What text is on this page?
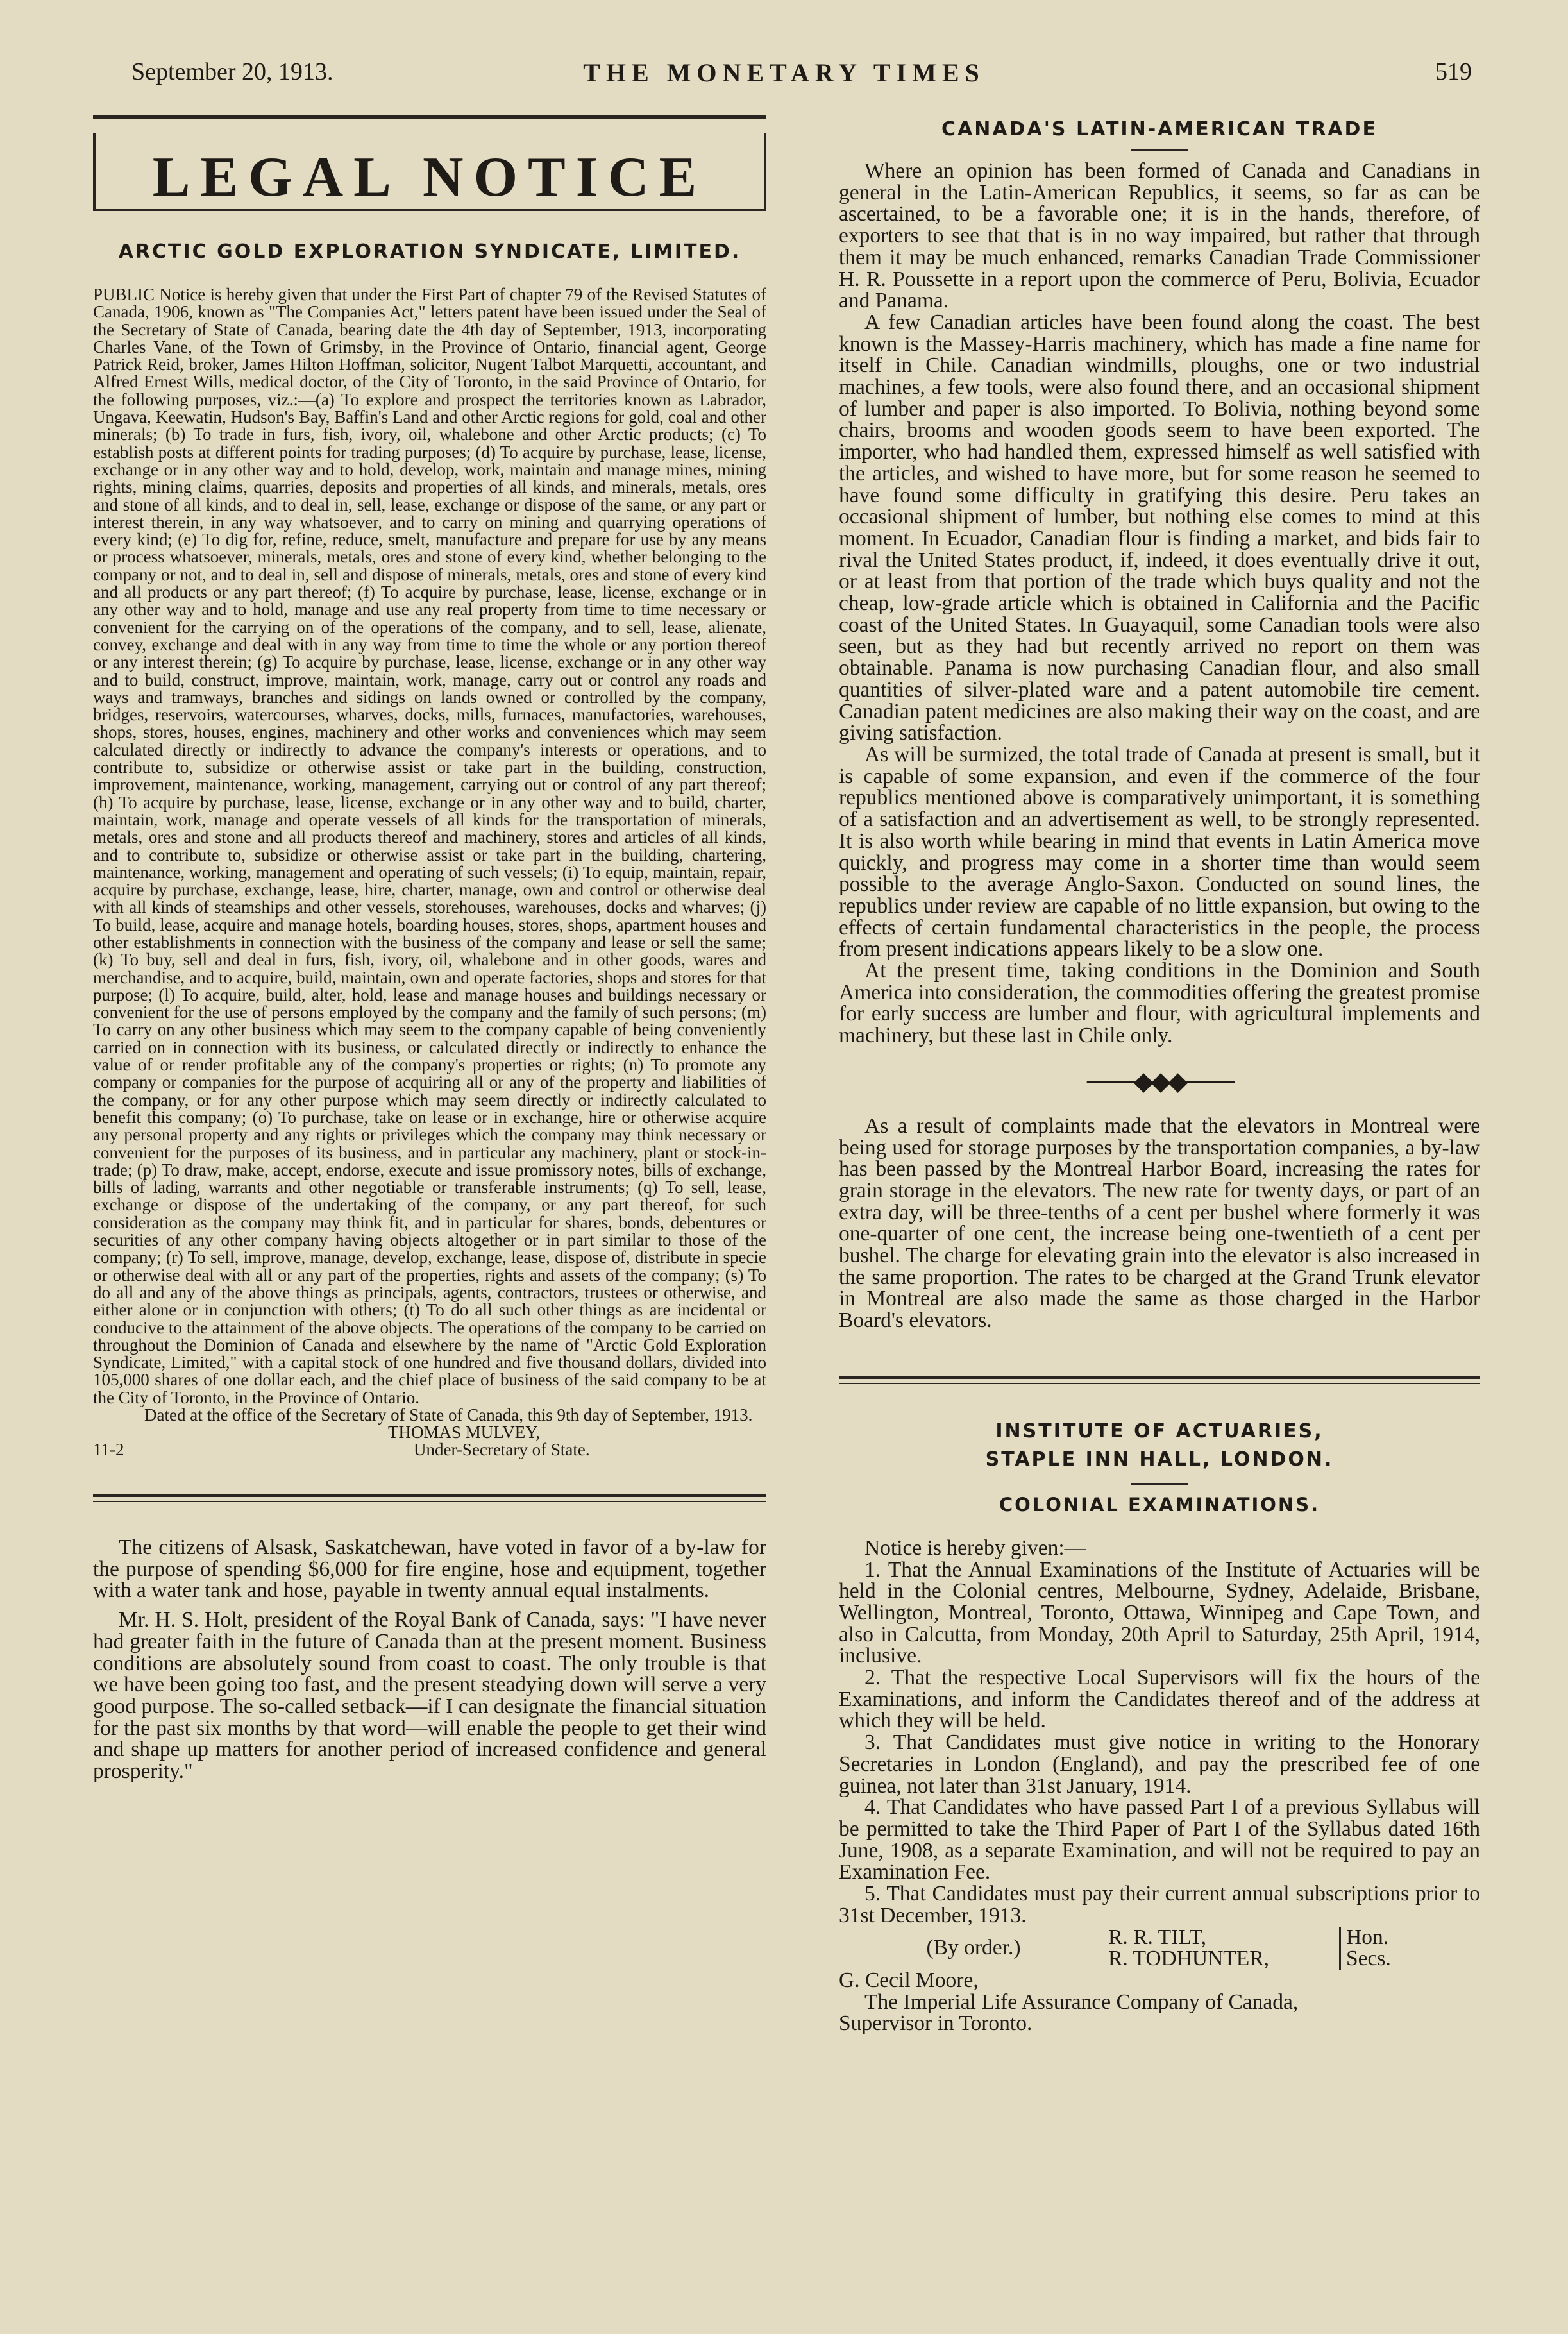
September 20, 1913.	THE MONETARY TIMES	519
LEGAL NOTICE
ARCTIC GOLD EXPLORATION SYNDICATE, LIMITED.

PUBLIC Notice is hereby given that under the First Part of chapter 79 of the Revised Statutes of Canada, 1906, known as "The Companies Act," letters patent have been issued under the Seal of the Secretary of State of Canada, bearing date the 4th day of September, 1913, incorporating Charles Vane, of the Town of Grimsby, in the Province of Ontario, financial agent, George Patrick Reid, broker, James Hilton Hoffman, solicitor, Nugent Talbot Marquetti, accountant, and Alfred Ernest Wills, medical doctor, of the City of Toronto, in the said Province of Ontario, for the following purposes, viz.:—(a) To explore and prospect the territories known as Labrador, Ungava, Keewatin, Hudson's Bay, Baffin's Land and other Arctic regions for gold, coal and other minerals; (b) To trade in furs, fish, ivory, oil, whalebone and other Arctic products; (c) To establish posts at different points for trading purposes; (d) To acquire by purchase, lease, license, exchange or in any other way and to hold, develop, work, maintain and manage mines, mining rights, mining claims, quarries, deposits and properties of all kinds, and minerals, metals, ores and stone of all kinds, and to deal in, sell, lease, exchange or dispose of the same, or any part or interest therein, in any way whatsoever, and to carry on mining and quarrying operations of every kind; (e) To dig for, refine, reduce, smelt, manufacture and prepare for use by any means or process whatsoever, minerals, metals, ores and stone of every kind, whether belonging to the company or not, and to deal in, sell and dispose of minerals, metals, ores and stone of every kind and all products or any part thereof; (f) To acquire by purchase, lease, license, exchange or in any other way and to hold, manage and use any real property from time to time necessary or convenient for the carrying on of the operations of the company, and to sell, lease, alienate, convey, exchange and deal with in any way from time to time the whole or any portion thereof or any interest therein; (g) To acquire by purchase, lease, license, exchange or in any other way and to build, construct, improve, maintain, work, manage, carry out or control any roads and ways and tramways, branches and sidings on lands owned or controlled by the company, bridges, reservoirs, watercourses, wharves, docks, mills, furnaces, manufactories, warehouses, shops, stores, houses, engines, machinery and other works and conveniences which may seem calculated directly or indirectly to advance the company's interests or operations, and to contribute to, subsidize or otherwise assist or take part in the building, construction, improvement, maintenance, working, management, carrying out or control of any part thereof; (h) To acquire by purchase, lease, license, exchange or in any other way and to build, charter, maintain, work, manage and operate vessels of all kinds for the transportation of minerals, metals, ores and stone and all products thereof and machinery, stores and articles of all kinds, and to contribute to, subsidize or otherwise assist or take part in the building, chartering, maintenance, working, management and operating of such vessels; (i) To equip, maintain, repair, acquire by purchase, exchange, lease, hire, charter, manage, own and control or otherwise deal with all kinds of steamships and other vessels, storehouses, warehouses, docks and wharves; (j) To build, lease, acquire and manage hotels, boarding houses, stores, shops, apartment houses and other establishments in connection with the business of the company and lease or sell the same; (k) To buy, sell and deal in furs, fish, ivory, oil, whalebone and in other goods, wares and merchandise, and to acquire, build, maintain, own and operate factories, shops and stores for that purpose; (l) To acquire, build, alter, hold, lease and manage houses and buildings necessary or convenient for the use of persons employed by the company and the family of such persons; (m) To carry on any other business which may seem to the company capable of being conveniently carried on in connection with its business, or calculated directly or indirectly to enhance the value of or render profitable any of the company's properties or rights; (n) To promote any company or companies for the purpose of acquiring all or any of the property and liabilities of the company, or for any other purpose which may seem directly or indirectly calculated to benefit this company; (o) To purchase, take on lease or in exchange, hire or otherwise acquire any personal property and any rights or privileges which the company may think necessary or convenient for the purposes of its business, and in particular any machinery, plant or stock-in-trade; (p) To draw, make, accept, endorse, execute and issue promissory notes, bills of exchange, bills of lading, warrants and other negotiable or transferable instruments; (q) To sell, lease, exchange or dispose of the undertaking of the company, or any part thereof, for such consideration as the company may think fit, and in particular for shares, bonds, debentures or securities of any other company having objects altogether or in part similar to those of the company; (r) To sell, improve, manage, develop, exchange, lease, dispose of, distribute in specie or otherwise deal with all or any part of the properties, rights and assets of the company; (s) To do all and any of the above things as principals, agents, contractors, trustees or otherwise, and either alone or in conjunction with others; (t) To do all such other things as are incidental or conducive to the attainment of the above objects. The operations of the company to be carried on throughout the Dominion of Canada and elsewhere by the name of "Arctic Gold Exploration Syndicate, Limited," with a capital stock of one hundred and five thousand dollars, divided into 105,000 shares of one dollar each, and the chief place of business of the said company to be at the City of Toronto, in the Province of Ontario.

Dated at the office of the Secretary of State of Canada, this 9th day of September, 1913.

THOMAS MULVEY,

11-2	Under-Secretary of State.

The citizens of Alsask, Saskatchewan, have voted in favor of a by-law for the purpose of spending $6,000 for fire engine, hose and equipment, together with a water tank and hose, payable in twenty annual equal instalments.

Mr. H. S. Holt, president of the Royal Bank of Canada, says: "I have never had greater faith in the future of Canada than at the present moment. Business conditions are absolutely sound from coast to coast. The only trouble is that we have been going too fast, and the present steadying down will serve a very good purpose. The so-called setback—if I can designate the financial situation for the past six months by that word—will enable the people to get their wind and shape up matters for another period of increased confidence and general prosperity."

CANADA'S LATIN-AMERICAN TRADE

Where an opinion has been formed of Canada and Canadians in general in the Latin-American Republics, it seems, so far as can be ascertained, to be a favorable one; it is in the hands, therefore, of exporters to see that that is in no way impaired, but rather that through them it may be much enhanced, remarks Canadian Trade Commissioner H. R. Poussette in a report upon the commerce of Peru, Bolivia, Ecuador and Panama.

A few Canadian articles have been found along the coast. The best known is the Massey-Harris machinery, which has made a fine name for itself in Chile. Canadian windmills, ploughs, one or two industrial machines, a few tools, were also found there, and an occasional shipment of lumber and paper is also imported. To Bolivia, nothing beyond some chairs, brooms and wooden goods seem to have been exported. The importer, who had handled them, expressed himself as well satisfied with the articles, and wished to have more, but for some reason he seemed to have found some difficulty in gratifying this desire. Peru takes an occasional shipment of lumber, but nothing else comes to mind at this moment. In Ecuador, Canadian flour is finding a market, and bids fair to rival the United States product, if, indeed, it does eventually drive it out, or at least from that portion of the trade which buys quality and not the cheap, low-grade article which is obtained in California and the Pacific coast of the United States. In Guayaquil, some Canadian tools were also seen, but as they had but recently arrived no report on them was obtainable. Panama is now purchasing Canadian flour, and also small quantities of silver-plated ware and a patent automobile tire cement. Canadian patent medicines are also making their way on the coast, and are giving satisfaction.

As will be surmized, the total trade of Canada at present is small, but it is capable of some expansion, and even if the commerce of the four republics mentioned above is comparatively unimportant, it is something of a satisfaction and an advertisement as well, to be strongly represented. It is also worth while bearing in mind that events in Latin America move quickly, and progress may come in a shorter time than would seem possible to the average Anglo-Saxon. Conducted on sound lines, the republics under review are capable of no little expansion, but owing to the effects of certain fundamental characteristics in the people, the process from present indications appears likely to be a slow one.

At the present time, taking conditions in the Dominion and South America into consideration, the commodities offering the greatest promise for early success are lumber and flour, with agricultural implements and machinery, but these last in Chile only.

───◆◆◆───

As a result of complaints made that the elevators in Montreal were being used for storage purposes by the transportation companies, a by-law has been passed by the Montreal Harbor Board, increasing the rates for grain storage in the elevators. The new rate for twenty days, or part of an extra day, will be three-tenths of a cent per bushel where formerly it was one-quarter of one cent, the increase being one-twentieth of a cent per bushel. The charge for elevating grain into the elevator is also increased in the same proportion. The rates to be charged at the Grand Trunk elevator in Montreal are also made the same as those charged in the Harbor Board's elevators.

INSTITUTE OF ACTUARIES,
STAPLE INN HALL, LONDON.
COLONIAL EXAMINATIONS.

Notice is hereby given:—

1. That the Annual Examinations of the Institute of Actuaries will be held in the Colonial centres, Melbourne, Sydney, Adelaide, Brisbane, Wellington, Montreal, Toronto, Ottawa, Winnipeg and Cape Town, and also in Calcutta, from Monday, 20th April to Saturday, 25th April, 1914, inclusive.

2. That the respective Local Supervisors will fix the hours of the Examinations, and inform the Candidates thereof and of the address at which they will be held.

3. That Candidates must give notice in writing to the Honorary Secretaries in London (England), and pay the prescribed fee of one guinea, not later than 31st January, 1914.

4. That Candidates who have passed Part I of a previous Syllabus will be permitted to take the Third Paper of Part I of the Syllabus dated 16th June, 1908, as a separate Examination, and will not be required to pay an Examination Fee.

5. That Candidates must pay their current annual subscriptions prior to 31st December, 1913.

(By order.)	R. R. TILT,
R. TODHUNTER,
Hon.
Secs.
G. Cecil Moore,
The Imperial Life Assurance Company of Canada,
Supervisor in Toronto.
